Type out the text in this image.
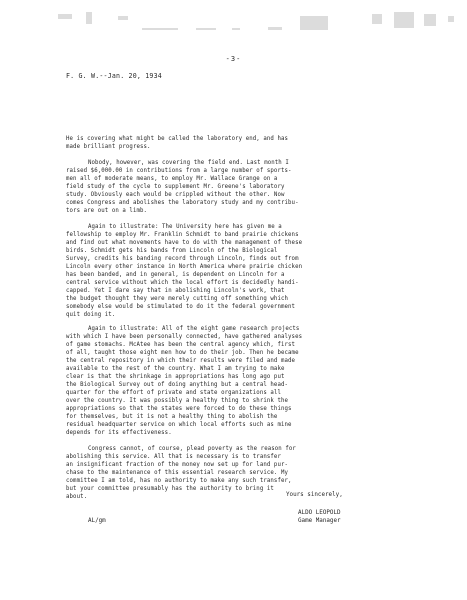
-3-
F. G. W.--Jan. 20, 1934
He is covering what might be called the laboratory end, and has
made brilliant progress.
Nobody, however, was covering the field end. Last month I
raised $6,000.00 in contributions from a large number of sports-
men all of moderate means, to employ Mr. Wallace Grange on a
field study of the cycle to supplement Mr. Greene's laboratory
study. Obviously each would be crippled without the other. Now
comes Congress and abolishes the laboratory study and my contribu-
tors are out on a limb.
Again to illustrate: The University here has given me a
fellowship to employ Mr. Franklin Schmidt to band prairie chickens
and find out what movements have to do with the management of these
birds. Schmidt gets his bands from Lincoln of the Biological
Survey, credits his banding record through Lincoln, finds out from
Lincoln every other instance in North America where prairie chicken
has been banded, and in general, is dependent on Lincoln for a
central service without which the local effort is decidedly handi-
capped. Yet I dare say that in abolishing Lincoln's work, that
the budget thought they were merely cutting off something which
somebody else would be stimulated to do it the federal government
quit doing it.
Again to illustrate: All of the eight game research projects
with which I have been personally connected, have gathered analyses
of game stomachs. McAtee has been the central agency which, first
of all, taught those eight men how to do their job. Then he became
the central repository in which their results were filed and made
available to the rest of the country. What I am trying to make
clear is that the shrinkage in appropriations has long ago put
the Biological Survey out of doing anything but a central head-
quarter for the effort of private and state organizations all
over the country. It was possibly a healthy thing to shrink the
appropriations so that the states were forced to do these things
for themselves, but it is not a healthy thing to abolish the
residual headquarter service on which local efforts such as mine
depends for its effectiveness.
Congress cannot, of course, plead poverty as the reason for
abolishing this service. All that is necessary is to transfer
an insignificant fraction of the money now set up for land pur-
chase to the maintenance of this essential research service. My
committee I am told, has no authority to make any such transfer,
but your committee presumably has the authority to bring it
about.	Yours sincerely,
ALDO LEOPOLD
Game Manager
AL/gm
